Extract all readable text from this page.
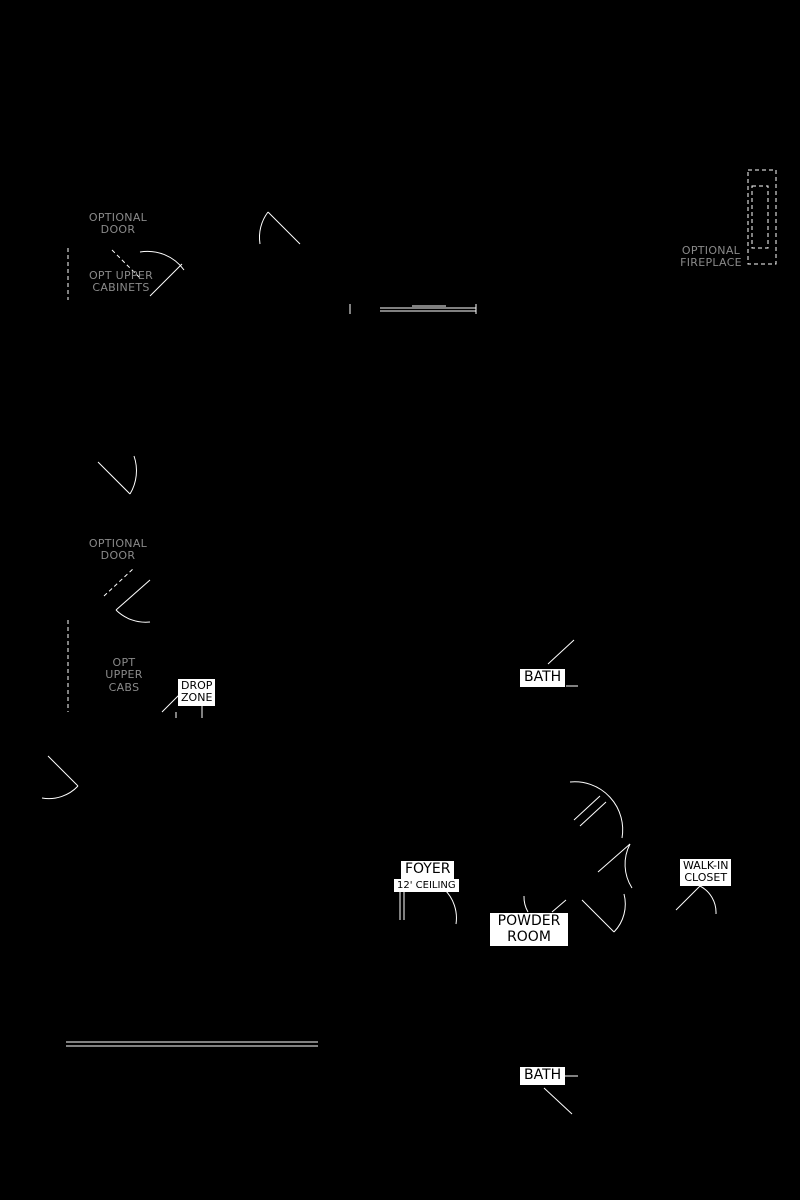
OPTIONAL
DOOR
OPT UPPER
CABINETS
OPTIONAL
FIREPLACE
OPTIONAL
DOOR
OPT
UPPER
CABS	DROP
ZONE
BATH
FOYER
12' CEILING
WALK-IN
CLOSET
POWDER
ROOM
BATH
